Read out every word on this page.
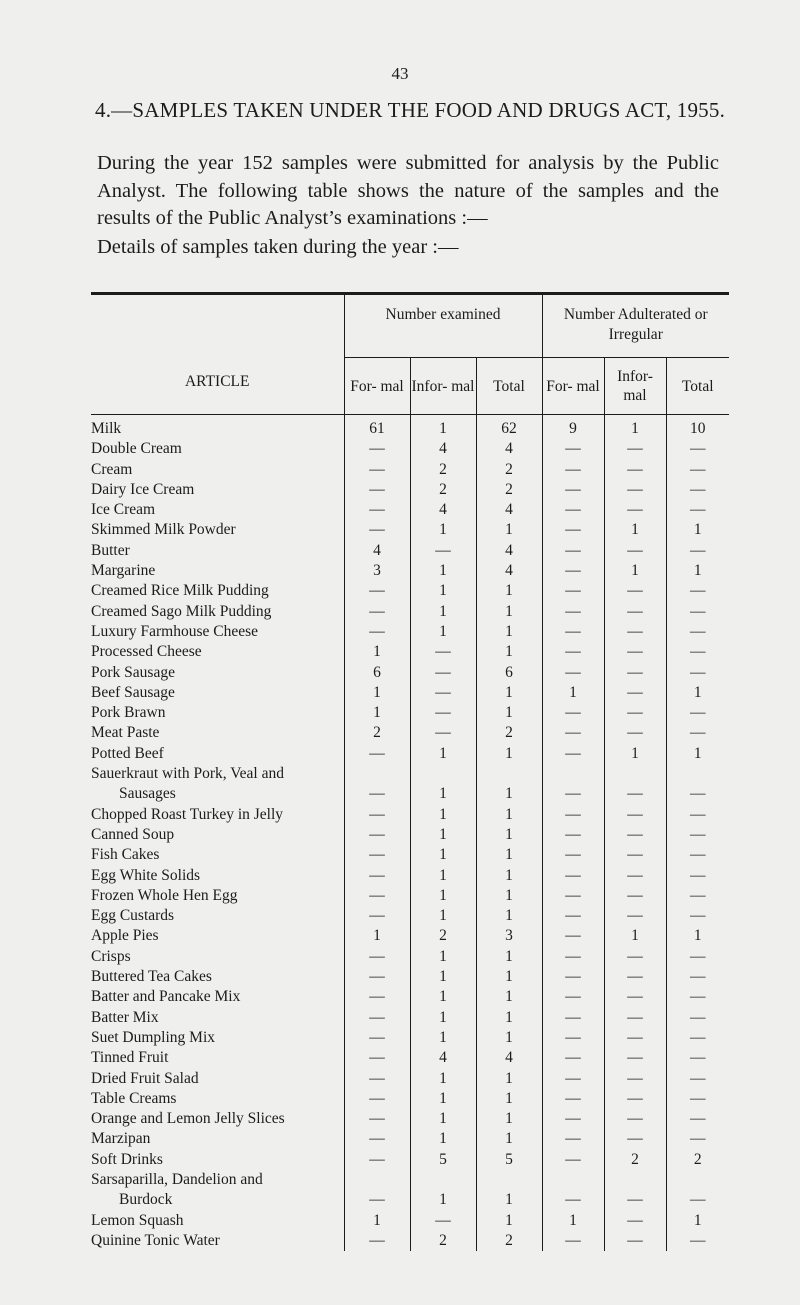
43
4.—SAMPLES TAKEN UNDER THE FOOD AND DRUGS ACT, 1955.
During the year 152 samples were submitted for analysis by the Public Analyst. The following table shows the nature of the samples and the results of the Public Analyst’s examinations :—
Details of samples taken during the year :—
ARTICLE	Number examined			Number Adulterated or Irregular		
	For- mal	Infor- mal	Total	For- mal	Infor- mal	Total
Milk	61	1	62	9	1	10
Double Cream	—	4	4	—	—	—
Cream	—	2	2	—	—	—
Dairy Ice Cream	—	2	2	—	—	—
Ice Cream	—	4	4	—	—	—
Skimmed Milk Powder	—	1	1	—	1	1
Butter	4	—	4	—	—	—
Margarine	3	1	4	—	1	1
Creamed Rice Milk Pudding	—	1	1	—	—	—
Creamed Sago Milk Pudding	—	1	1	—	—	—
Luxury Farmhouse Cheese	—	1	1	—	—	—
Processed Cheese	1	—	1	—	—	—
Pork Sausage	6	—	6	—	—	—
Beef Sausage	1	—	1	1	—	1
Pork Brawn	1	—	1	—	—	—
Meat Paste	2	—	2	—	—	—
Potted Beef	—	1	1	—	1	1
Sauerkraut with Pork, Veal and						
Sausages	—	1	1	—	—	—
Chopped Roast Turkey in Jelly	—	1	1	—	—	—
Canned Soup	—	1	1	—	—	—
Fish Cakes	—	1	1	—	—	—
Egg White Solids	—	1	1	—	—	—
Frozen Whole Hen Egg	—	1	1	—	—	—
Egg Custards	—	1	1	—	—	—
Apple Pies	1	2	3	—	1	1
Crisps	—	1	1	—	—	—
Buttered Tea Cakes	—	1	1	—	—	—
Batter and Pancake Mix	—	1	1	—	—	—
Batter Mix	—	1	1	—	—	—
Suet Dumpling Mix	—	1	1	—	—	—
Tinned Fruit	—	4	4	—	—	—
Dried Fruit Salad	—	1	1	—	—	—
Table Creams	—	1	1	—	—	—
Orange and Lemon Jelly Slices	—	1	1	—	—	—
Marzipan	—	1	1	—	—	—
Soft Drinks	—	5	5	—	2	2
Sarsaparilla, Dandelion and						
Burdock	—	1	1	—	—	—
Lemon Squash	1	—	1	1	—	1
Quinine Tonic Water	—	2	2	—	—	—
